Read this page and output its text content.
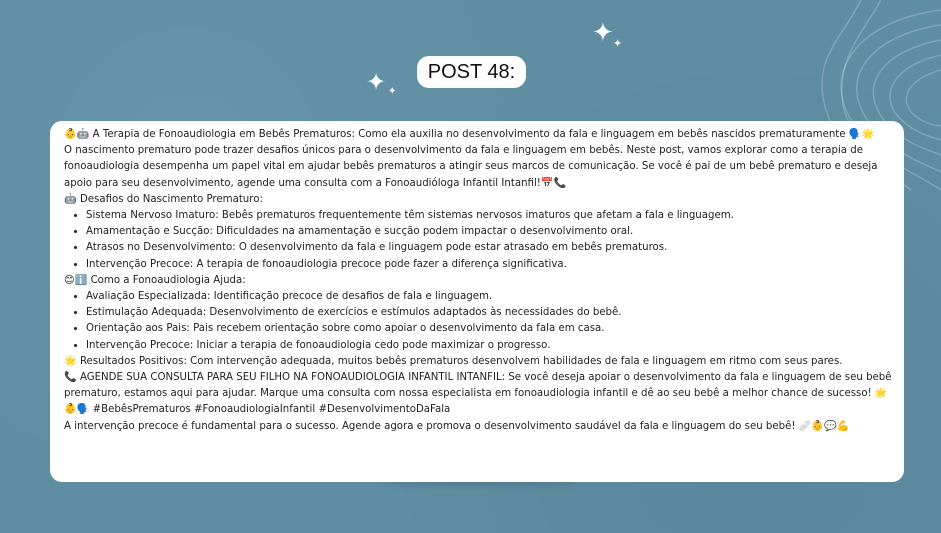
✦ ✦
✦ ✦
POST 48:

👶🤖 A Terapia de Fonoaudiologia em Bebês Prematuros: Como ela auxilia no desenvolvimento da fala e linguagem em bebês nascidos prematuramente 🗣️🌟

O nascimento prematuro pode trazer desafios únicos para o desenvolvimento da fala e linguagem em bebês. Neste post, vamos explorar como a terapia de fonoaudiologia desempenha um papel vital em ajudar bebês prematuros a atingir seus marcos de comunicação. Se você é pai de um bebê prematuro e deseja apoio para seu desenvolvimento, agende uma consulta com a Fonoaudióloga Infantil Intanfil!📅📞

🤖 Desafios do Nascimento Prematuro:

• Sistema Nervoso Imaturo: Bebês prematuros frequentemente têm sistemas nervosos imaturos que afetam a fala e linguagem.
• Amamentação e Sucção: Dificuldades na amamentação e sucção podem impactar o desenvolvimento oral.
• Atrasos no Desenvolvimento: O desenvolvimento da fala e linguagem pode estar atrasado em bebês prematuros.
• Intervenção Precoce: A terapia de fonoaudiologia precoce pode fazer a diferença significativa.

😊ℹ️ Como a Fonoaudiologia Ajuda:

• Avaliação Especializada: Identificação precoce de desafios de fala e linguagem.
• Estimulação Adequada: Desenvolvimento de exercícios e estímulos adaptados às necessidades do bebê.
• Orientação aos Pais: Pais recebem orientação sobre como apoiar o desenvolvimento da fala em casa.
• Intervenção Precoce: Iniciar a terapia de fonoaudiologia cedo pode maximizar o progresso.

🌟 Resultados Positivos: Com intervenção adequada, muitos bebês prematuros desenvolvem habilidades de fala e linguagem em ritmo com seus pares.

📞 AGENDE SUA CONSULTA PARA SEU FILHO NA FONOAUDIOLOGIA INFANTIL INTANFIL: Se você deseja apoiar o desenvolvimento da fala e linguagem de seu bebê prematuro, estamos aqui para ajudar. Marque uma consulta com nossa especialista em fonoaudiologia infantil e dê ao seu bebê a melhor chance de sucesso! 🌟👶🗣️ #BebêsPrematuros #FonoaudiologiaInfantil #DesenvolvimentoDaFala

A intervenção precoce é fundamental para o sucesso. Agende agora e promova o desenvolvimento saudável da fala e linguagem do seu bebê! 🩹👶💬💪
